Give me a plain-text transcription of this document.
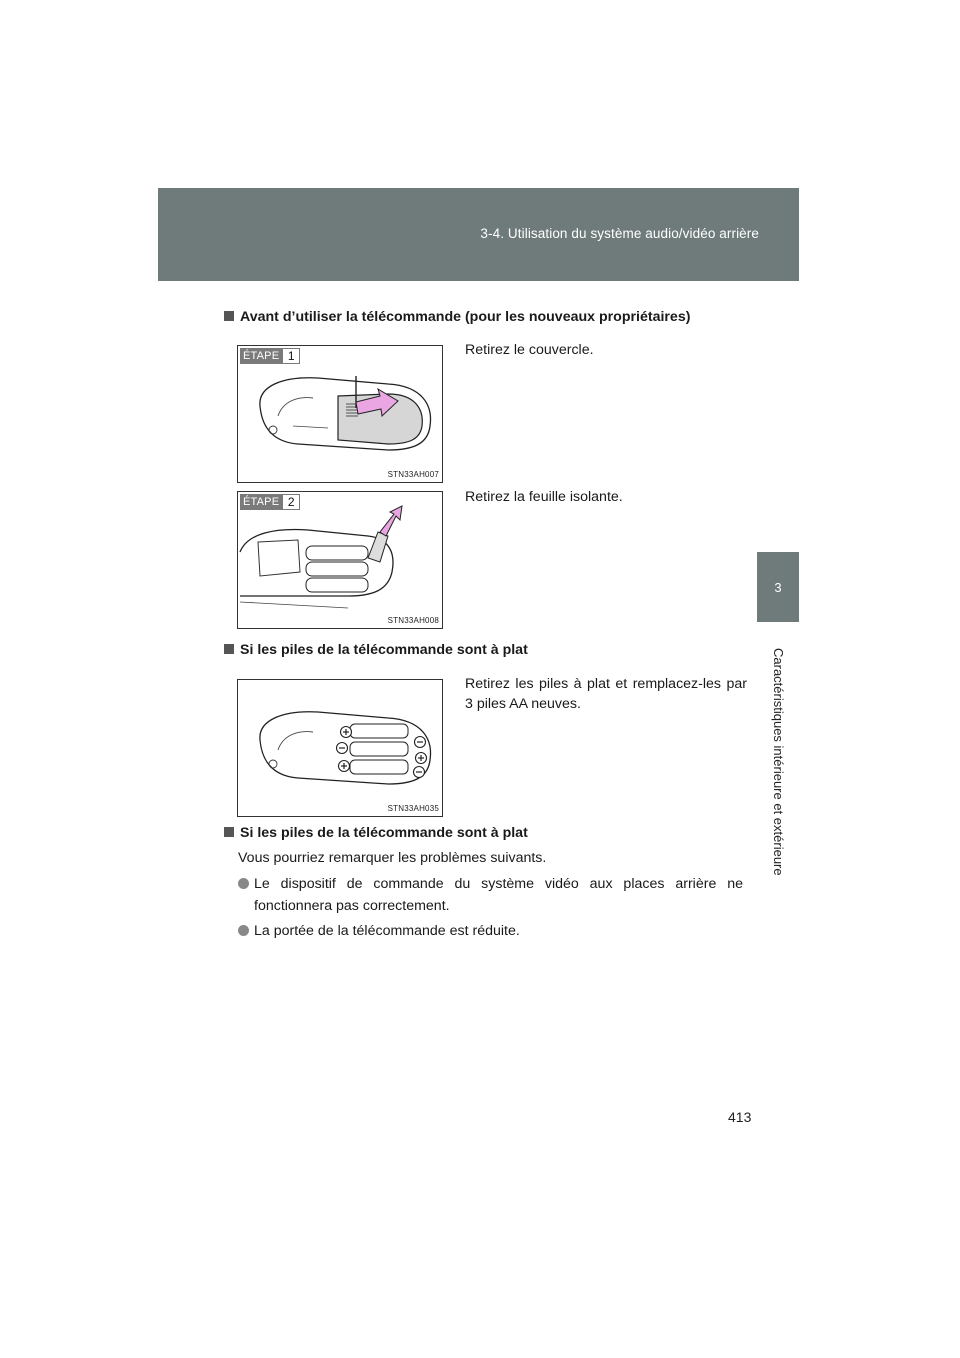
3-4. Utilisation du système audio/vidéo arrière
3
Caractéristiques intérieure et extérieure
Avant d’utiliser la télécommande (pour les nouveaux propriétaires)
ÉTAPE 1
STN33AH007
Retirez le couvercle.
ÉTAPE 2
STN33AH008
Retirez la feuille isolante.
Si les piles de la télécommande sont à plat
STN33AH035
Retirez les piles à plat et remplacez-les par 3 piles AA neuves.
Si les piles de la télécommande sont à plat
Vous pourriez remarquer les problèmes suivants.
Le dispositif de commande du système vidéo aux places arrière ne fonctionnera pas correctement.
La portée de la télécommande est réduite.
413
